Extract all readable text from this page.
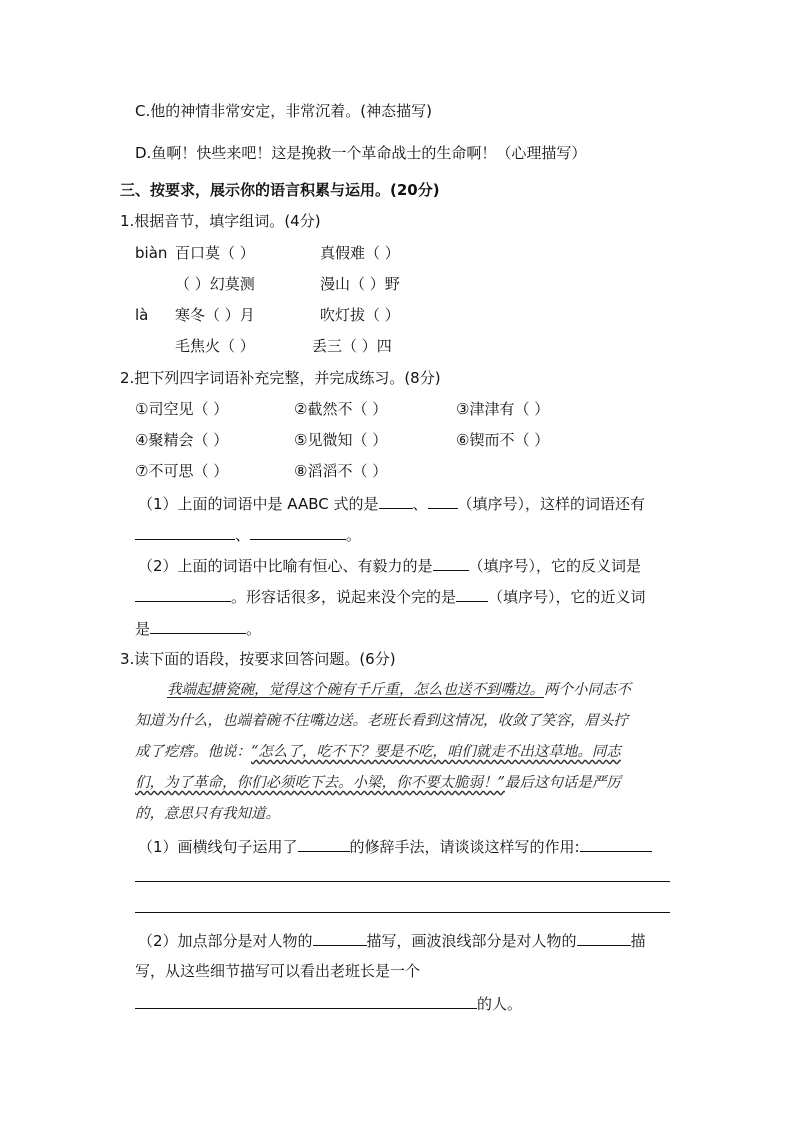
C.他的神情非常安定，非常沉着。(神态描写)
D.鱼啊！快些来吧！这是挽救一个革命战士的生命啊！（心理描写）
三、按要求，展示你的语言积累与运用。(20分)
1.根据音节，填字组词。(4分)
biàn 百口莫（ ）	真假难（ ）
（ ）幻莫测	漫山（ ）野
là 寒冬（ ）月	吹灯拔（ ）
毛焦火（ ）	丢三（ ）四
2.把下列四字词语补充完整，并完成练习。(8分)
①司空见（ ）	②截然不（ ）	③津津有（ ）
④聚精会（ ）	⑤见微知（ ）	⑥锲而不（ ）
⑦不可思（ ）	⑧滔滔不（ ）
（1）上面的词语中是 AABC 式的是 、 （填序号），这样的词语还有
、	。
（2）上面的词语中比喻有恒心、有毅力的是 （填序号），它的反义词是
。形容话很多，说起来没个完的是 （填序号），它的近义词
是	。
3.读下面的语段，按要求回答问题。(6分)
我端起搪瓷碗，觉得这个碗有千斤重，怎么也送不到嘴边。两个小同志不
知道为什么，也端着碗不往嘴边送。老班长看到这情况，收敛了笑容，眉头拧
成了疙瘩。他说：“怎么了，吃不下？要是不吃，咱们就走不出这草地。同志
们，为了革命，你们必须吃下去。小梁，你不要太脆弱！”最后这句话是严厉
的，意思只有我知道。
（1）画横线句子运用了	的修辞手法，请谈谈这样写的作用:
（2）加点部分是对人物的	描写，画波浪线部分是对人物的	描
写，从这些细节描写可以看出老班长是一个
的人。
